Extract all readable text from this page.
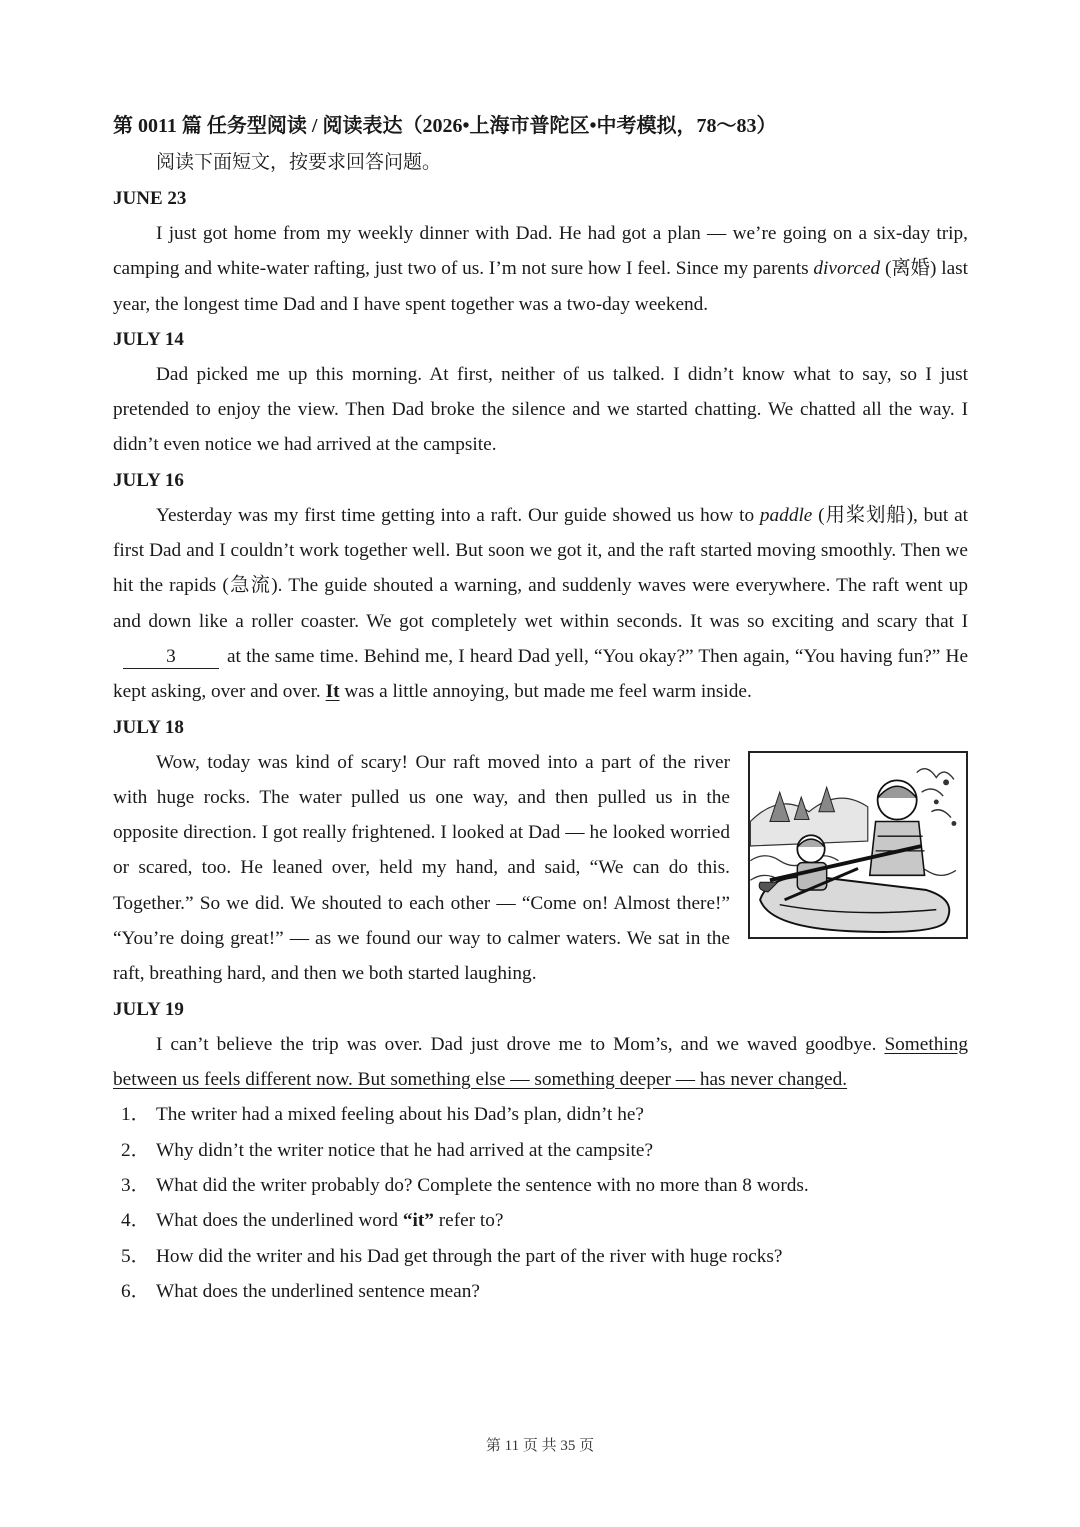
第 0011 篇 任务型阅读 / 阅读表达（2026•上海市普陀区•中考模拟，78～83）
阅读下面短文，按要求回答问题。
JUNE 23

I just got home from my weekly dinner with Dad. He had got a plan — we’re going on a six-day trip, camping and white-water rafting, just two of us. I’m not sure how I feel. Since my parents divorced (离婚) last year, the longest time Dad and I have spent together was a two-day weekend.

JULY 14

Dad picked me up this morning. At first, neither of us talked. I didn’t know what to say, so I just pretended to enjoy the view. Then Dad broke the silence and we started chatting. We chatted all the way. I didn’t even notice we had arrived at the campsite.

JULY 16

Yesterday was my first time getting into a raft. Our guide showed us how to paddle (用桨划船), but at first Dad and I couldn’t work together well. But soon we got it, and the raft started moving smoothly. Then we hit the rapids (急流). The guide shouted a warning, and suddenly waves were everywhere. The raft went up and down like a roller coaster. We got completely wet within seconds. It was so exciting and scary that I3	at the same time. Behind me, I heard Dad yell, “You okay?” Then again, “You having fun?” He kept asking, over and over. It was a little annoying, but made me feel warm inside.

JULY 18

Wow, today was kind of scary! Our raft moved into a part of the river with huge rocks. The water pulled us one way, and then pulled us in the opposite direction. I got really frightened. I looked at Dad — he looked worried or scared, too. He leaned over, held my hand, and said, “We can do this. Together.” So we did. We shouted to each other — “Come on! Almost there!” “You’re doing great!” — as we found our way to calmer waters. We sat in the raft, breathing hard, and then we both started laughing.

JULY 19

I can’t believe the trip was over. Dad just drove me to Mom’s, and we waved goodbye. Something between us feels different now. But something else — something deeper — has never changed.

1． The writer had a mixed feeling about his Dad’s plan, didn’t he?
2． Why didn’t the writer notice that he had arrived at the campsite?
3． What did the writer probably do? Complete the sentence with no more than 8 words.
4． What does the underlined word “it” refer to?
5． How did the writer and his Dad get through the part of the river with huge rocks?
6． What does the underlined sentence mean?
第 11 页 共 35 页
